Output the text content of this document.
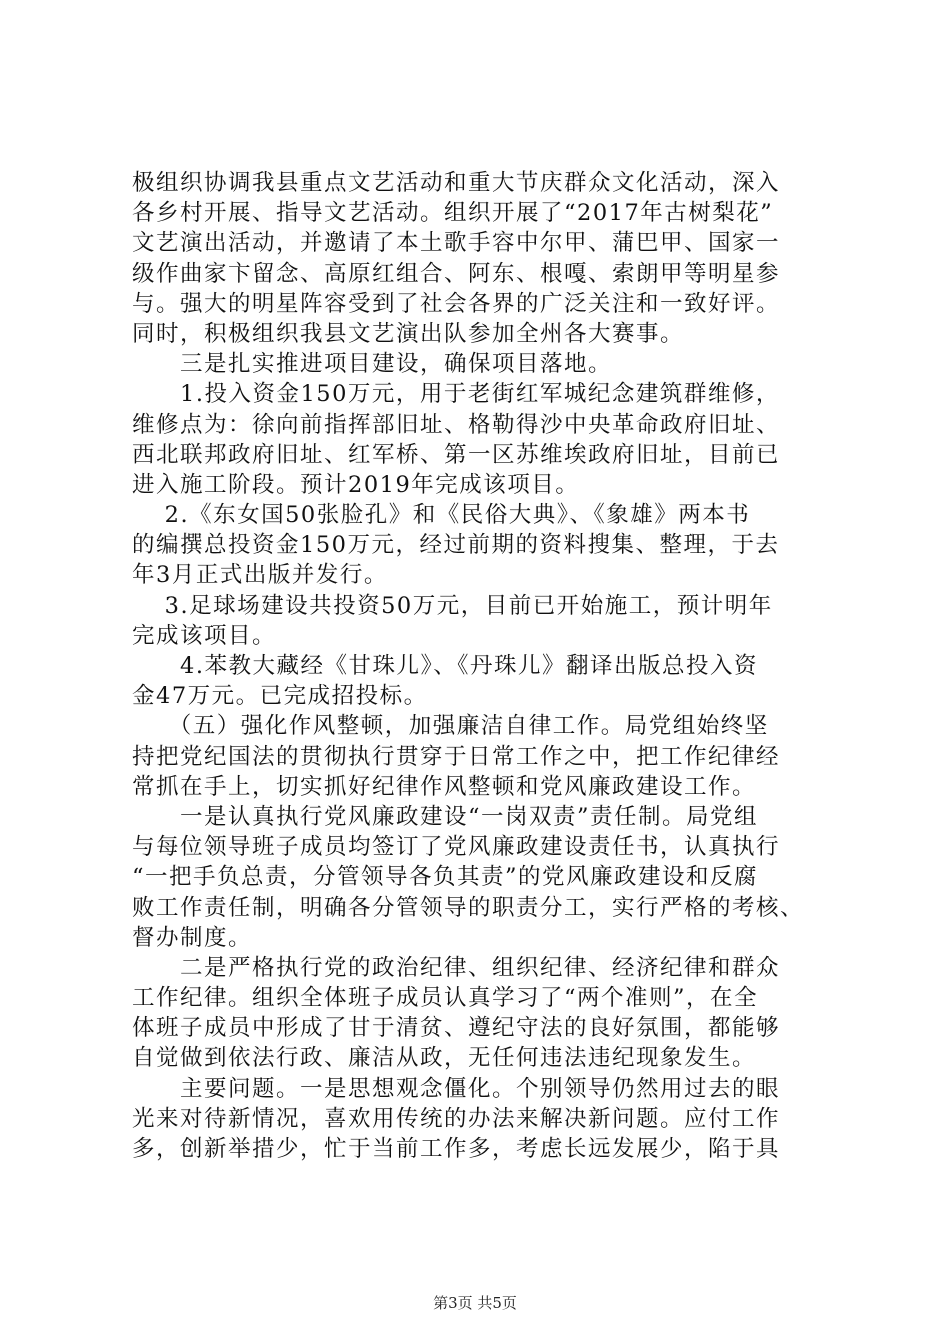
极组织协调我县重点文艺活动和重大节庆群众文化活动，深入
各乡村开展、指导文艺活动。组织开展了“2017年古树梨花”
文艺演出活动，并邀请了本土歌手容中尔甲、蒲巴甲、国家一
级作曲家卞留念、高原红组合、阿东、根嘎、索朗甲等明星参
与。强大的明星阵容受到了社会各界的广泛关注和一致好评。
同时，积极组织我县文艺演出队参加全州各大赛事。
　　三是扎实推进项目建设，确保项目落地。
　　1.投入资金150万元，用于老街红军城纪念建筑群维修，
维修点为：徐向前指挥部旧址、格勒得沙中央革命政府旧址、
西北联邦政府旧址、红军桥、第一区苏维埃政府旧址，目前已
进入施工阶段。预计2019年完成该项目。
　 2.《东女国50张脸孔》和《民俗大典》、《象雄》两本书
的编撰总投资金150万元，经过前期的资料搜集、整理，于去
年3月正式出版并发行。
　 3.足球场建设共投资50万元，目前已开始施工，预计明年
完成该项目。
　　4.苯教大藏经《甘珠儿》、《丹珠儿》翻译出版总投入资
金47万元。已完成招投标。
　　（五）强化作风整顿，加强廉洁自律工作。局党组始终坚
持把党纪国法的贯彻执行贯穿于日常工作之中，把工作纪律经
常抓在手上，切实抓好纪律作风整顿和党风廉政建设工作。
　　一是认真执行党风廉政建设“一岗双责”责任制。局党组
与每位领导班子成员均签订了党风廉政建设责任书，认真执行
“一把手负总责，分管领导各负其责”的党风廉政建设和反腐
败工作责任制，明确各分管领导的职责分工，实行严格的考核、
督办制度。
　　二是严格执行党的政治纪律、组织纪律、经济纪律和群众
工作纪律。组织全体班子成员认真学习了“两个准则”，在全
体班子成员中形成了甘于清贫、遵纪守法的良好氛围，都能够
自觉做到依法行政、廉洁从政，无任何违法违纪现象发生。
　　主要问题。一是思想观念僵化。个别领导仍然用过去的眼
光来对待新情况，喜欢用传统的办法来解决新问题。应付工作
多，创新举措少，忙于当前工作多，考虑长远发展少，陷于具
第3页 共5页
